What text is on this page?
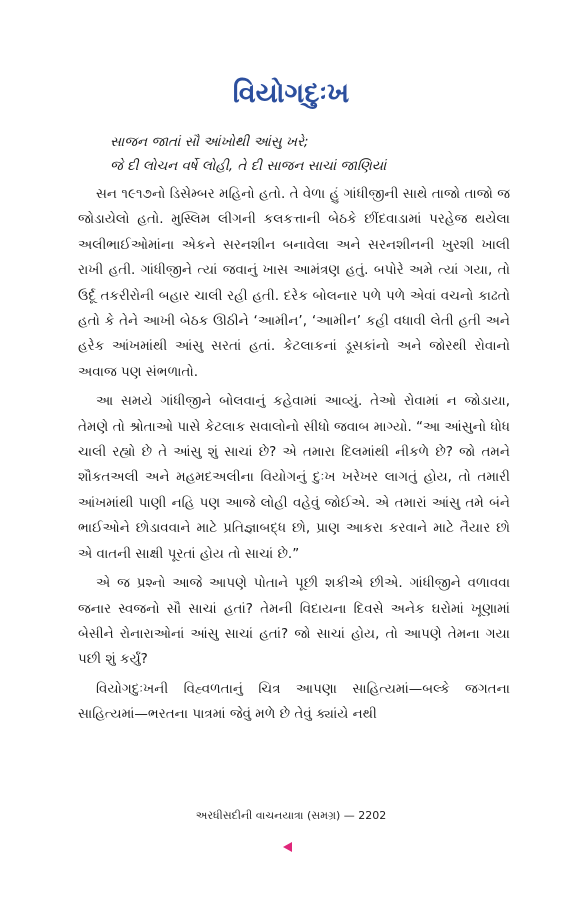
વિયોગદુઃખ
સાજન જાતાં સૌ આંખોથી આંસુ ખરે;
જે દી લોચન વર્ષે લોહી, તે દી સાજન સાચાં જાણિયાં

સન ૧૯૧૭નો ડિસેમ્બર મહિનો હતો. તે વેળા હું ગાંધીજીની સાથે તાજો તાજો જ જોડાયેલો હતો. મુસ્લિમ લીગની કલકત્તાની બેઠકે છીંદવાડામાં પરહેજ થયેલા અલીભાઈઓમાંના એકને સરનશીન બનાવેલા અને સરનશીનની ખુરશી ખાલી રાખી હતી. ગાંધીજીને ત્યાં જવાનું ખાસ આમંત્રણ હતું. બપોરે અમે ત્યાં ગયા, તો ઉર્દૂ તકરીરોની બહાર ચાલી રહી હતી. દરેક બોલનાર પળે પળે એવાં વચનો કાઢતો હતો કે તેને આખી બેઠક ઊઠીને ‘આમીન’, ‘આમીન’ કહી વધાવી લેતી હતી અને હરેક આંખમાંથી આંસુ સરતાં હતાં. કેટલાકનાં ડૂસકાંનો અને જોરથી રોવાનો અવાજ પણ સંભળાતો.

આ સમયે ગાંધીજીને બોલવાનું કહેવામાં આવ્યું. તેઓ રોવામાં ન જોડાયા, તેમણે તો શ્રોતાઓ પાસે કેટલાક સવાલોનો સીધો જવાબ માગ્યો. “આ આંસુનો ધોધ ચાલી રહ્યો છે તે આંસુ શું સાચાં છે? એ તમારા દિલમાંથી નીકળે છે? જો તમને શૌકતઅલી અને મહમદઅલીના વિયોગનું દુઃખ ખરેખર લાગતું હોય, તો તમારી આંખમાંથી પાણી નહિ પણ આજે લોહી વહેવું જોઈએ. એ તમારાં આંસુ તમે બંને ભાઈઓને છોડાવવાને માટે પ્રતિજ્ઞાબદ્ધ છો, પ્રાણ આકરા કરવાને માટે તૈયાર છો એ વાતની સાક્ષી પૂરતાં હોય તો સાચાં છે.”

એ જ પ્રશ્નો આજે આપણે પોતાને પૂછી શકીએ છીએ. ગાંધીજીને વળાવવા જનાર સ્વજનો સૌ સાચાં હતાં? તેમની વિદાયના દિવસે અનેક ઘરોમાં ખૂણામાં બેસીને રોનારાઓનાં આંસુ સાચાં હતાં? જો સાચાં હોય, તો આપણે તેમના ગયા પછી શું કર્યું?

વિયોગદુઃખની વિહ્વળતાનું ચિત્ર આપણા સાહિત્યમાં—બલ્કે જગતના સાહિત્યમાં—ભરતના પાત્રમાં જેવું મળે છે તેવું ક્યાંયે નથી

અરધીસદીની વાચનયાત્રા (સમગ્ર) — 2202
